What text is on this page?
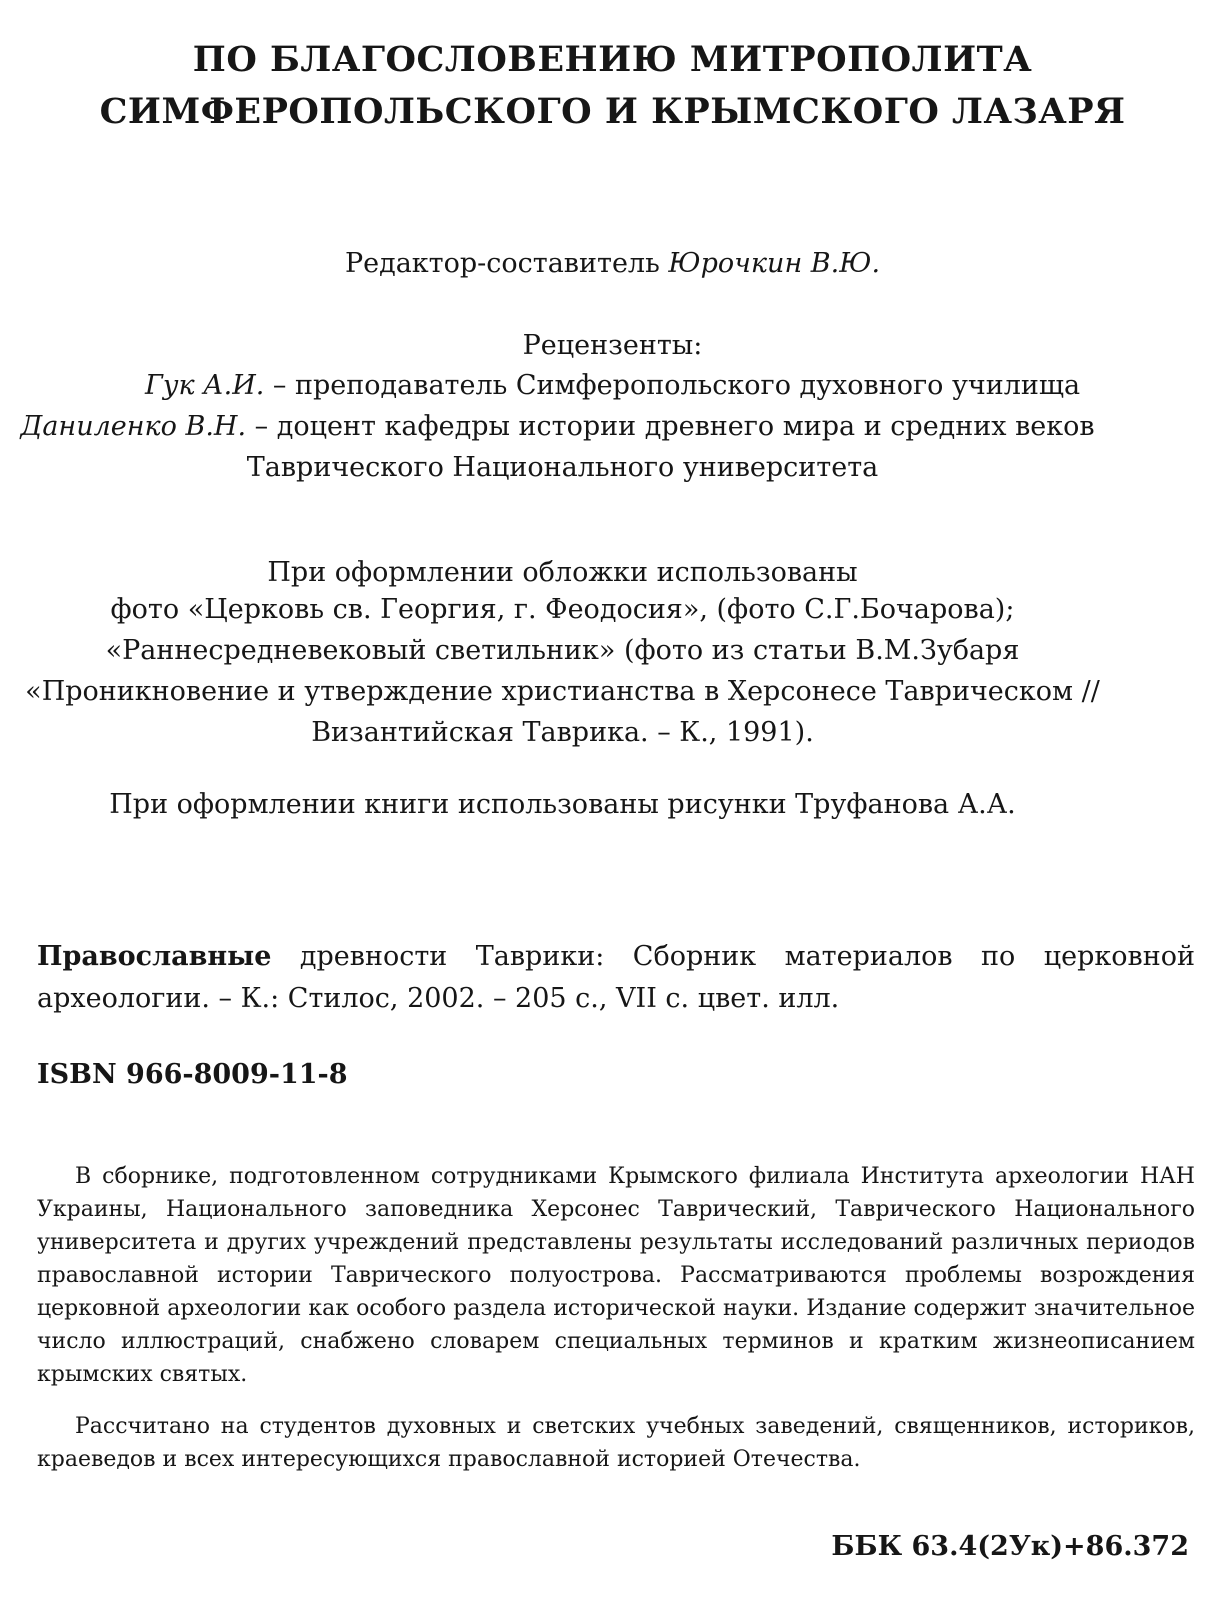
ПО БЛАГОСЛОВЕНИЮ МИТРОПОЛИТА
СИМФЕРОПОЛЬСКОГО И КРЫМСКОГО ЛАЗАРЯ
Редактор-составитель Юрочкин В.Ю.
Рецензенты:
Гук А.И. – преподаватель Симферопольского духовного училища
Даниленко В.Н. – доцент кафедры истории древнего мира и средних веков
Таврического Национального университета
При оформлении обложки использованы
фото «Церковь св. Георгия, г. Феодосия», (фото С.Г.Бочарова);
«Раннесредневековый светильник» (фото из статьи В.М.Зубаря
«Проникновение и утверждение христианства в Херсонесе Таврическом //
Византийская Таврика. – К., 1991).
При оформлении книги использованы рисунки Труфанова А.А.
Православные древности Таврики: Сборник материалов по церковной археологии. – К.: Стилос, 2002. – 205 с., VII с. цвет. илл.
ISBN 966-8009-11-8

В сборнике, подготовленном сотрудниками Крымского филиала Института археологии НАН Украины, Национального заповедника Херсонес Таврический, Таврического Национального университета и других учреждений представлены результаты исследований различных периодов православной истории Таврического полуострова. Рассматриваются проблемы возрождения церковной археологии как особого раздела исторической науки. Издание содержит значительное число иллюстраций, снабжено словарем специальных терминов и кратким жизнеописанием крымских святых.

Рассчитано на студентов духовных и светских учебных заведений, священников, историков, краеведов и всех интересующихся православной историей Отечества.

ББК 63.4(2Ук)+86.372
